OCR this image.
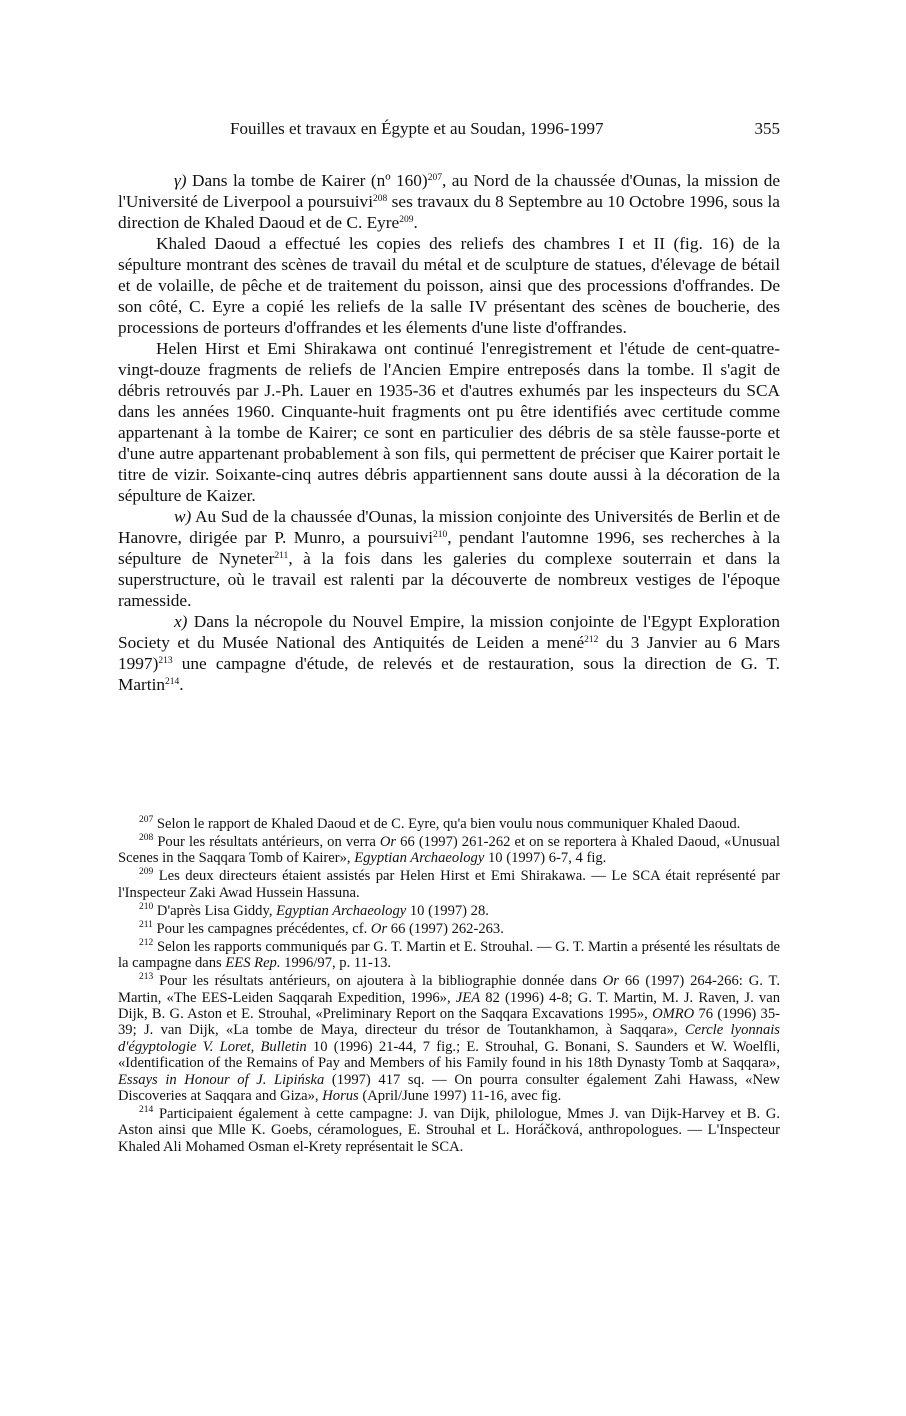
Fouilles et travaux en Égypte et au Soudan, 1996-1997	355

γ) Dans la tombe de Kairer (nº 160)$^{207}$, au Nord de la chaussée d'Ounas, la mission de l'Université de Liverpool a poursuivi$^{208}$ ses travaux du 8 Septembre au 10 Octobre 1996, sous la direction de Khaled Daoud et de C. Eyre$^{209}$.

Khaled Daoud a effectué les copies des reliefs des chambres I et II (fig. 16) de la sépulture montrant des scènes de travail du métal et de sculpture de statues, d'élevage de bétail et de volaille, de pêche et de traitement du poisson, ainsi que des processions d'offrandes. De son côté, C. Eyre a copié les reliefs de la salle IV présentant des scènes de boucherie, des processions de porteurs d'offrandes et les élements d'une liste d'offrandes.

Helen Hirst et Emi Shirakawa ont continué l'enregistrement et l'étude de cent-quatre-vingt-douze fragments de reliefs de l'Ancien Empire entreposés dans la tombe. Il s'agit de débris retrouvés par J.-Ph. Lauer en 1935-36 et d'autres exhumés par les inspecteurs du SCA dans les années 1960. Cinquante-huit fragments ont pu être identifiés avec certitude comme appartenant à la tombe de Kairer; ce sont en particulier des débris de sa stèle fausse-porte et d'une autre appartenant probablement à son fils, qui permettent de préciser que Kairer portait le titre de vizir. Soixante-cinq autres débris appartiennent sans doute aussi à la décoration de la sépulture de Kaizer.

w) Au Sud de la chaussée d'Ounas, la mission conjointe des Universités de Berlin et de Hanovre, dirigée par P. Munro, a poursuivi$^{210}$, pendant l'automne 1996, ses recherches à la sépulture de Nyneter$^{211}$, à la fois dans les galeries du complexe souterrain et dans la superstructure, où le travail est ralenti par la découverte de nombreux vestiges de l'époque ramesside.

x) Dans la nécropole du Nouvel Empire, la mission conjointe de l'Egypt Exploration Society et du Musée National des Antiquités de Leiden a mené$^{212}$ du 3 Janvier au 6 Mars 1997)$^{213}$ une campagne d'étude, de relevés et de restauration, sous la direction de G. T. Martin$^{214}$.

$^{207}$ Selon le rapport de Khaled Daoud et de C. Eyre, qu'a bien voulu nous communiquer Khaled Daoud.

$^{208}$ Pour les résultats antérieurs, on verra Or 66 (1997) 261-262 et on se reportera à Khaled Daoud, «Unusual Scenes in the Saqqara Tomb of Kairer», Egyptian Archaeology 10 (1997) 6-7, 4 fig.

$^{209}$ Les deux directeurs étaient assistés par Helen Hirst et Emi Shirakawa. — Le SCA était représenté par l'Inspecteur Zaki Awad Hussein Hassuna.

$^{210}$ D'après Lisa Giddy, Egyptian Archaeology 10 (1997) 28.

$^{211}$ Pour les campagnes précédentes, cf. Or 66 (1997) 262-263.

$^{212}$ Selon les rapports communiqués par G. T. Martin et E. Strouhal. — G. T. Martin a présenté les résultats de la campagne dans EES Rep. 1996/97, p. 11-13.

$^{213}$ Pour les résultats antérieurs, on ajoutera à la bibliographie donnée dans Or 66 (1997) 264-266: G. T. Martin, «The EES-Leiden Saqqarah Expedition, 1996», JEA 82 (1996) 4-8; G. T. Martin, M. J. Raven, J. van Dijk, B. G. Aston et E. Strouhal, «Preliminary Report on the Saqqara Excavations 1995», OMRO 76 (1996) 35-39; J. van Dijk, «La tombe de Maya, directeur du trésor de Toutankhamon, à Saqqara», Cercle lyonnais d'égyptologie V. Loret, Bulletin 10 (1996) 21-44, 7 fig.; E. Strouhal, G. Bonani, S. Saunders et W. Woelfli, «Identification of the Remains of Pay and Members of his Family found in his 18th Dynasty Tomb at Saqqara», Essays in Honour of J. Lipińska (1997) 417 sq. — On pourra consulter également Zahi Hawass, «New Discoveries at Saqqara and Giza», Horus (April/June 1997) 11-16, avec fig.

$^{214}$ Participaient également à cette campagne: J. van Dijk, philologue, Mmes J. van Dijk-Harvey et B. G. Aston ainsi que Mlle K. Goebs, céramologues, E. Strouhal et L. Horáčková, anthropologues. — L'Inspecteur Khaled Ali Mohamed Osman el-Krety représentait le SCA.
